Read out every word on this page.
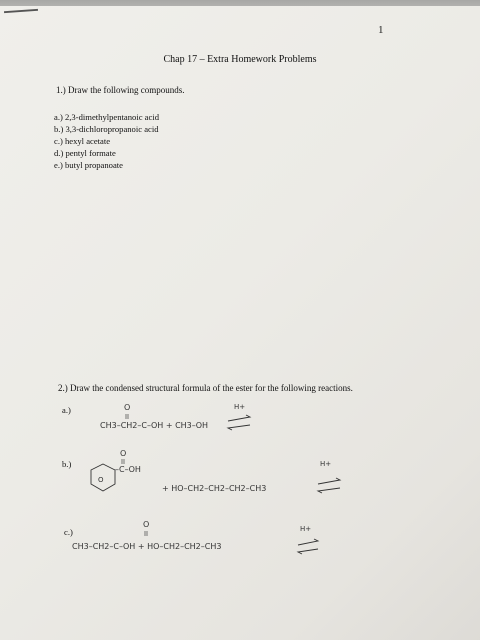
1
Chap 17 – Extra Homework Problems
1.) Draw the following compounds.
a.) 2,3-dimethylpentanoic acid
b.) 3,3-dichloropropanoic acid
c.) hexyl acetate
d.) pentyl formate
e.) butyl propanoate
2.) Draw the condensed structural formula of the ester for the following reactions.
a.)
b.)
c.)
O
CH3–CH2–C–OH + CH3–OH
H+
O
O
–C–OH
+ HO–CH2–CH2–CH2–CH3
H+
O
CH3–CH2–C–OH + HO–CH2–CH2–CH3
H+
